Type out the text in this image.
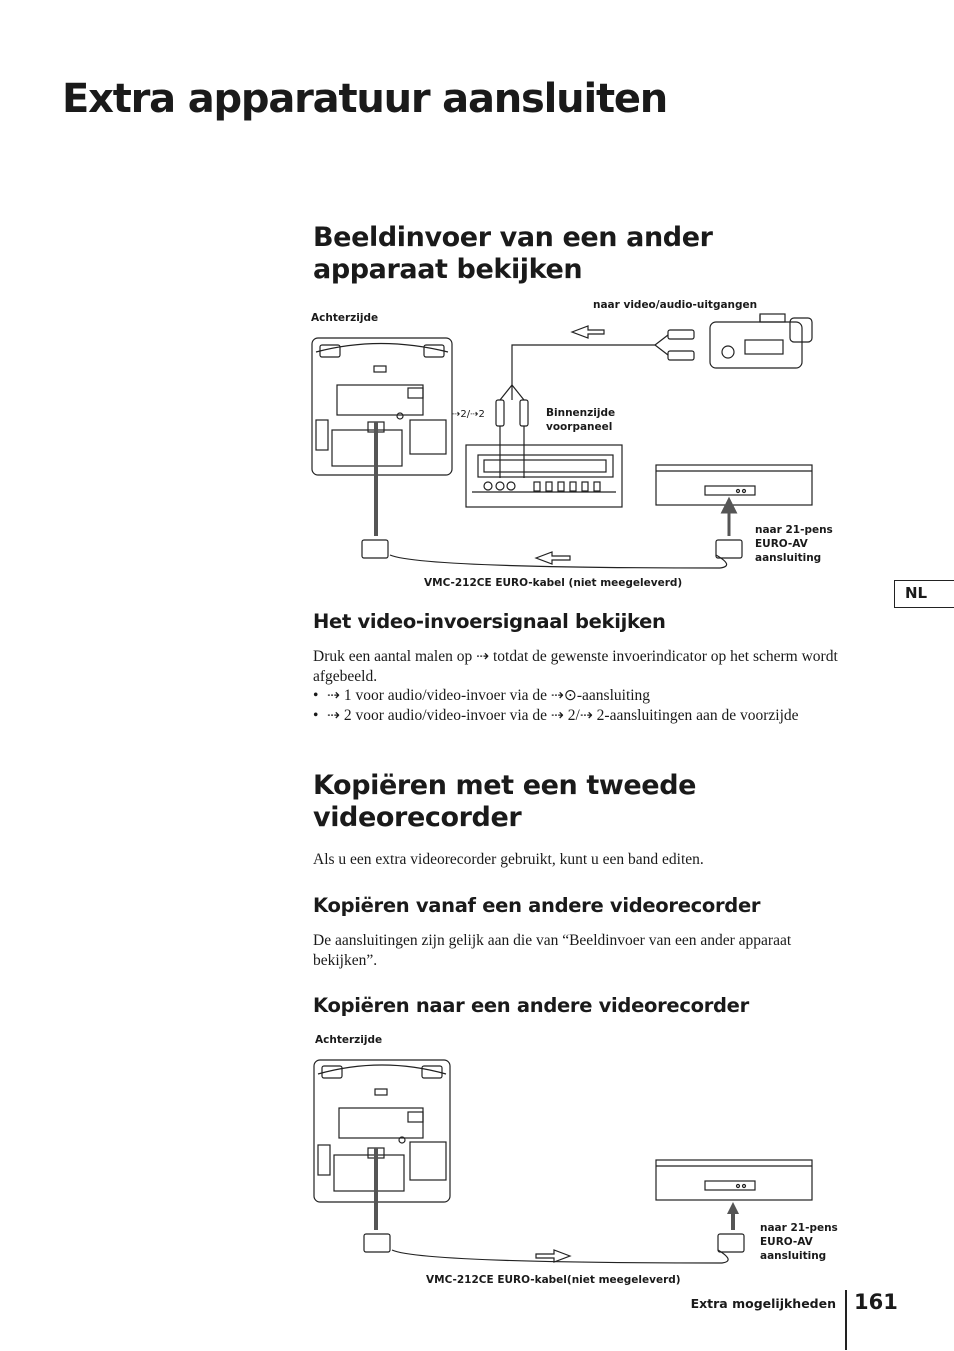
Extra apparatuur aansluiten
Beeldinvoer van een ander apparaat bekijken
Achterzijde
naar video/audio-uitgangen
⇢2/⇢2	Binnenzijde
voorpaneel
naar 21-pens
EURO-AV
aansluiting
VMC-212CE EURO-kabel (niet meegeleverd)
Het video-invoersignaal bekijken
Druk een aantal malen op ⇢ totdat de gewenste invoerindicator op het scherm wordt afgebeeld.
• ⇢ 1 voor audio/video-invoer via de ⇢⊙-aansluiting
• ⇢ 2 voor audio/video-invoer via de ⇢ 2/⇢ 2-aansluitingen aan de voorzijde
Kopiëren met een tweede videorecorder

Als u een extra videorecorder gebruikt, kunt u een band editen.

Kopiëren vanaf een andere videorecorder

De aansluitingen zijn gelijk aan die van “Beeldinvoer van een ander apparaat bekijken”.

Kopiëren naar een andere videorecorder
Achterzijde
naar 21-pens
EURO-AV
aansluiting
VMC-212CE EURO-kabel(niet meegeleverd)
NL
Extra mogelijkheden 161
